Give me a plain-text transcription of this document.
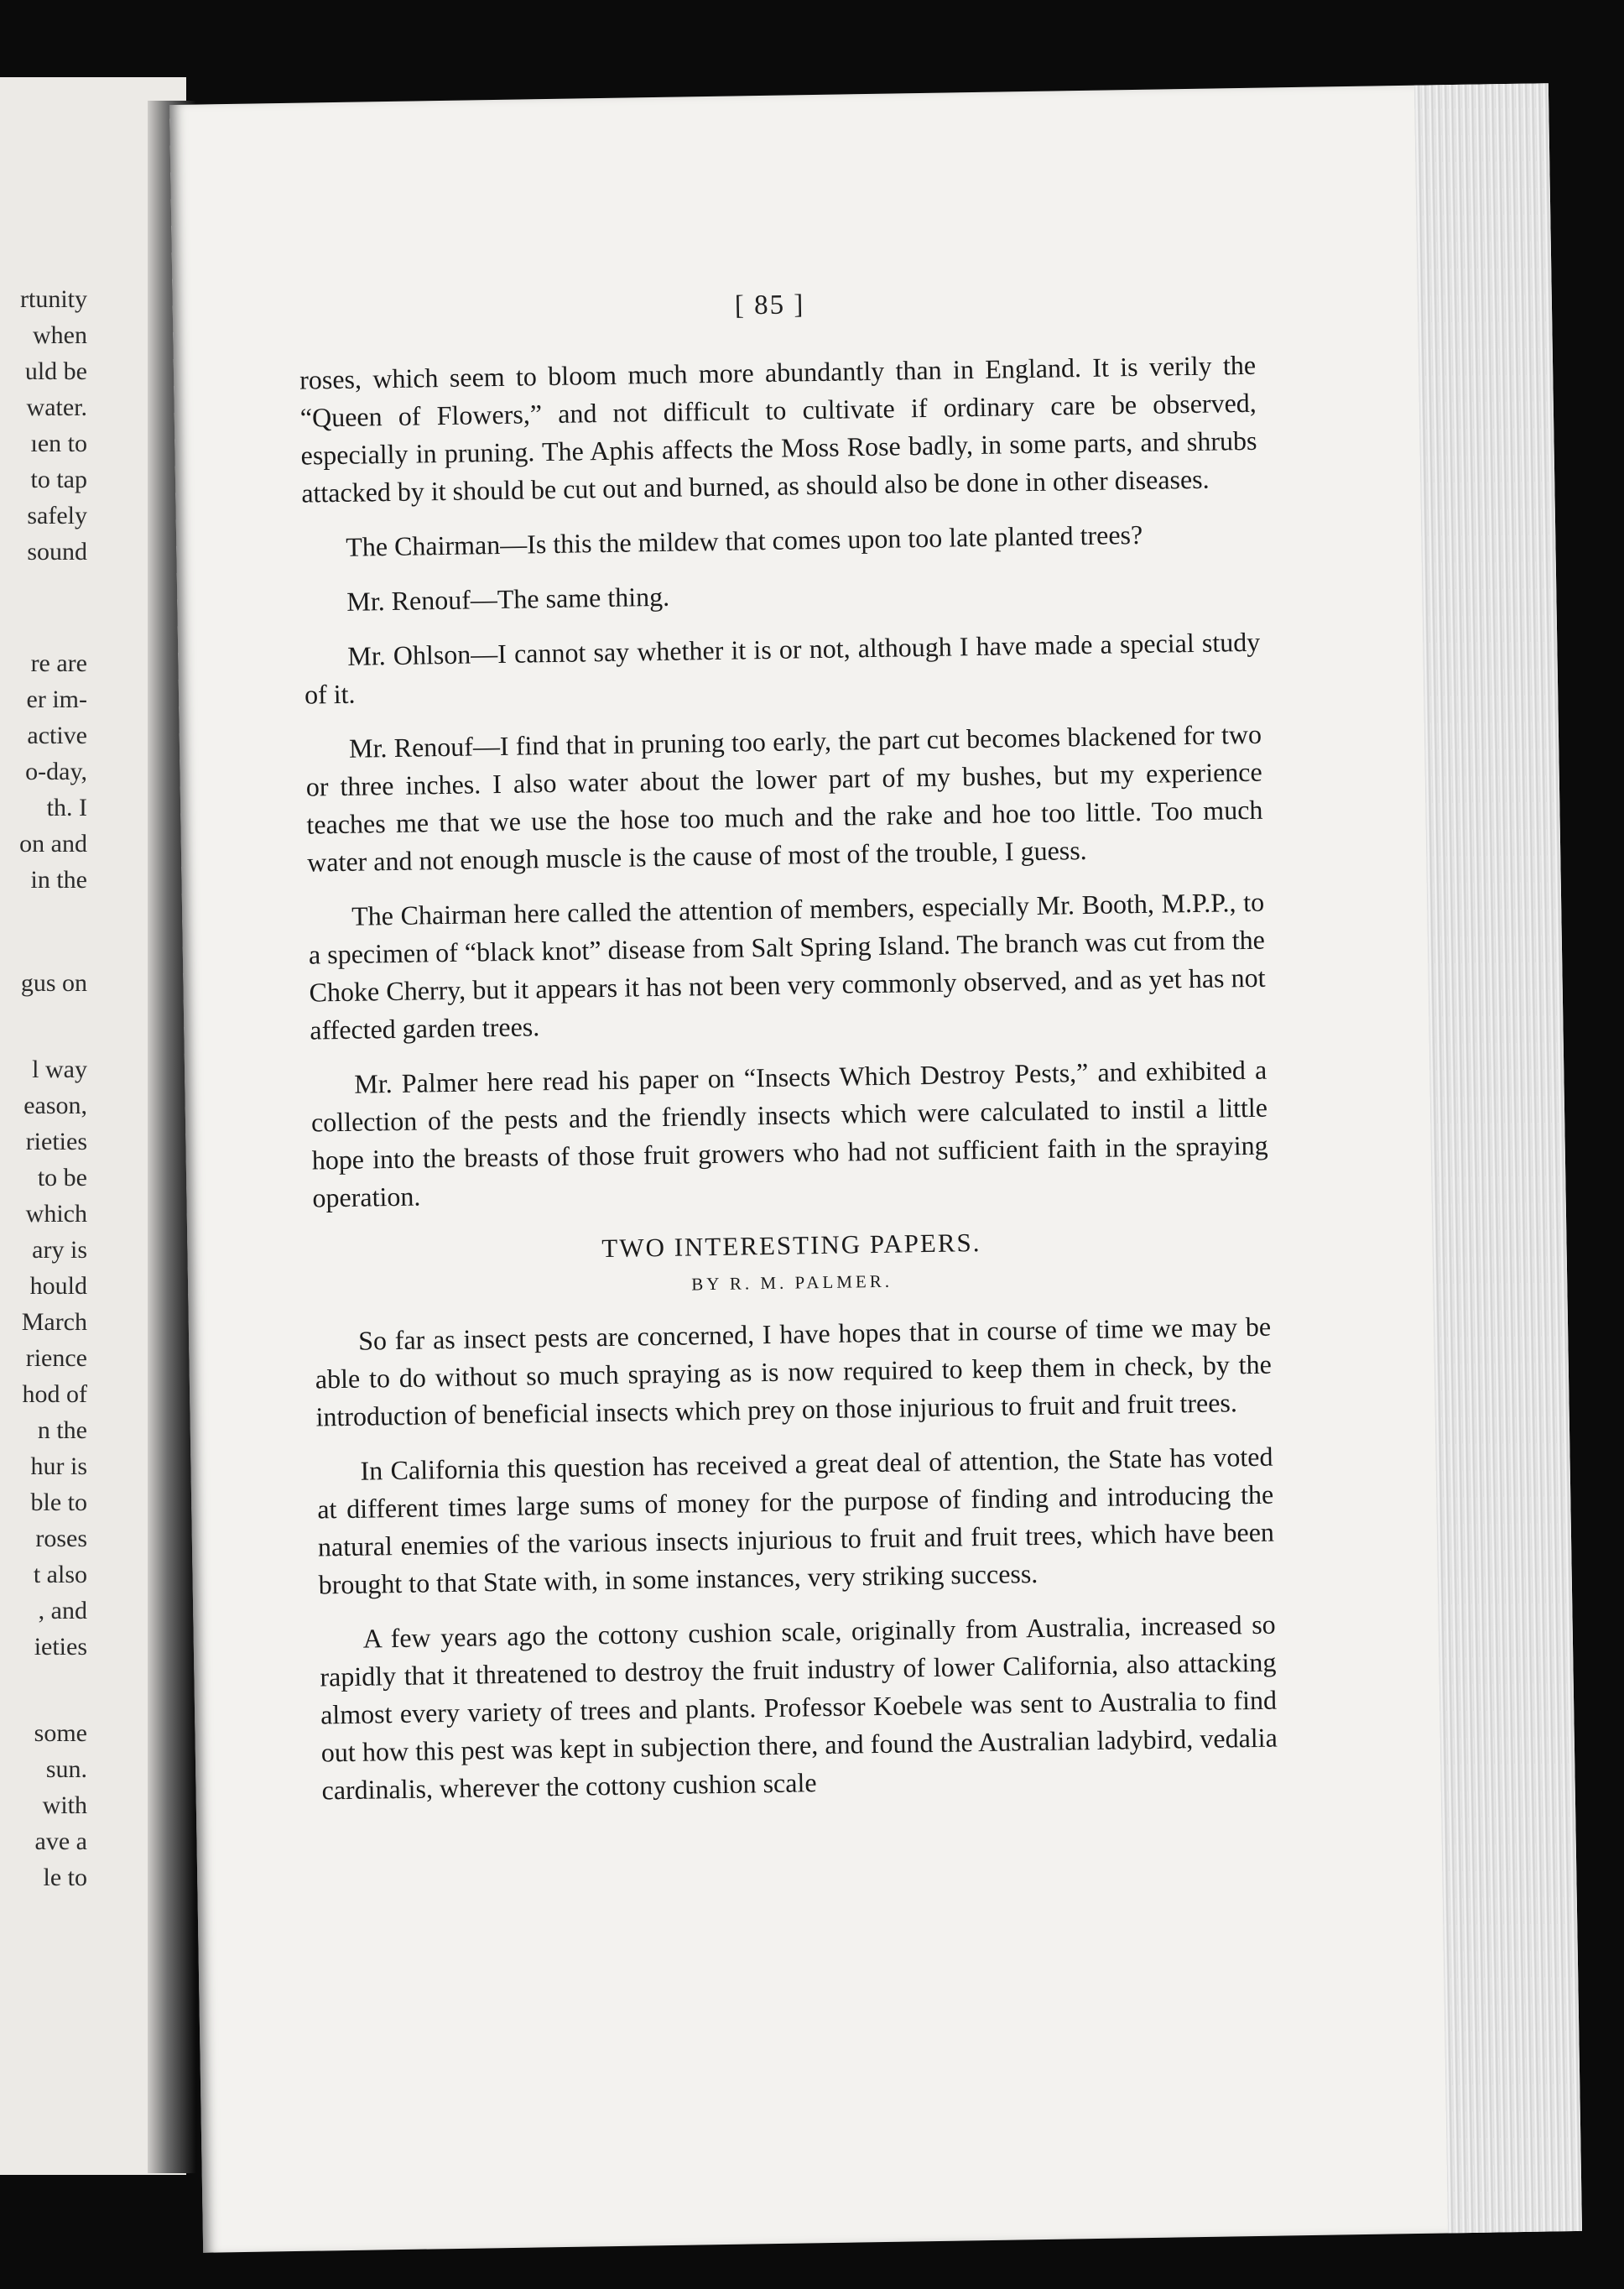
rtunity
when
uld be
water.
ıen to
to tap
safely
sound
re are
er im-
active
o-day,
th. I
on and
in the
gus on
l way
eason,
rieties
to be
which
ary is
hould
March
rience
hod of
n the
hur is
ble to
roses
t also
, and
ieties
some
sun.
with
ave a
le to
[ 85 ]

roses, which seem to bloom much more abundantly than in England. It is verily the “Queen of Flowers,” and not difficult to cultivate if ordinary care be observed, especially in pruning. The Aphis affects the Moss Rose badly, in some parts, and shrubs attacked by it should be cut out and burned, as should also be done in other diseases.

The Chairman—Is this the mildew that comes upon too late planted trees?

Mr. Renouf—The same thing.

Mr. Ohlson—I cannot say whether it is or not, although I have made a special study of it.

Mr. Renouf—I find that in pruning too early, the part cut becomes blackened for two or three inches. I also water about the lower part of my bushes, but my experience teaches me that we use the hose too much and the rake and hoe too little. Too much water and not enough muscle is the cause of most of the trouble, I guess.

The Chairman here called the attention of members, especially Mr. Booth, M.P.P., to a specimen of “black knot” disease from Salt Spring Island. The branch was cut from the Choke Cherry, but it appears it has not been very commonly observed, and as yet has not affected garden trees.

Mr. Palmer here read his paper on “Insects Which Destroy Pests,” and exhibited a collection of the pests and the friendly insects which were calculated to instil a little hope into the breasts of those fruit growers who had not sufficient faith in the spraying operation.

TWO INTERESTING PAPERS.

BY R. M. PALMER.

So far as insect pests are concerned, I have hopes that in course of time we may be able to do without so much spraying as is now required to keep them in check, by the introduction of beneficial insects which prey on those injurious to fruit and fruit trees.

In California this question has received a great deal of attention, the State has voted at different times large sums of money for the purpose of finding and introducing the natural enemies of the various insects injurious to fruit and fruit trees, which have been brought to that State with, in some instances, very striking success.

A few years ago the cottony cushion scale, originally from Australia, increased so rapidly that it threatened to destroy the fruit industry of lower California, also attacking almost every variety of trees and plants. Professor Koebele was sent to Australia to find out how this pest was kept in subjection there, and found the Australian ladybird, vedalia cardinalis, wherever the cottony cushion scale
